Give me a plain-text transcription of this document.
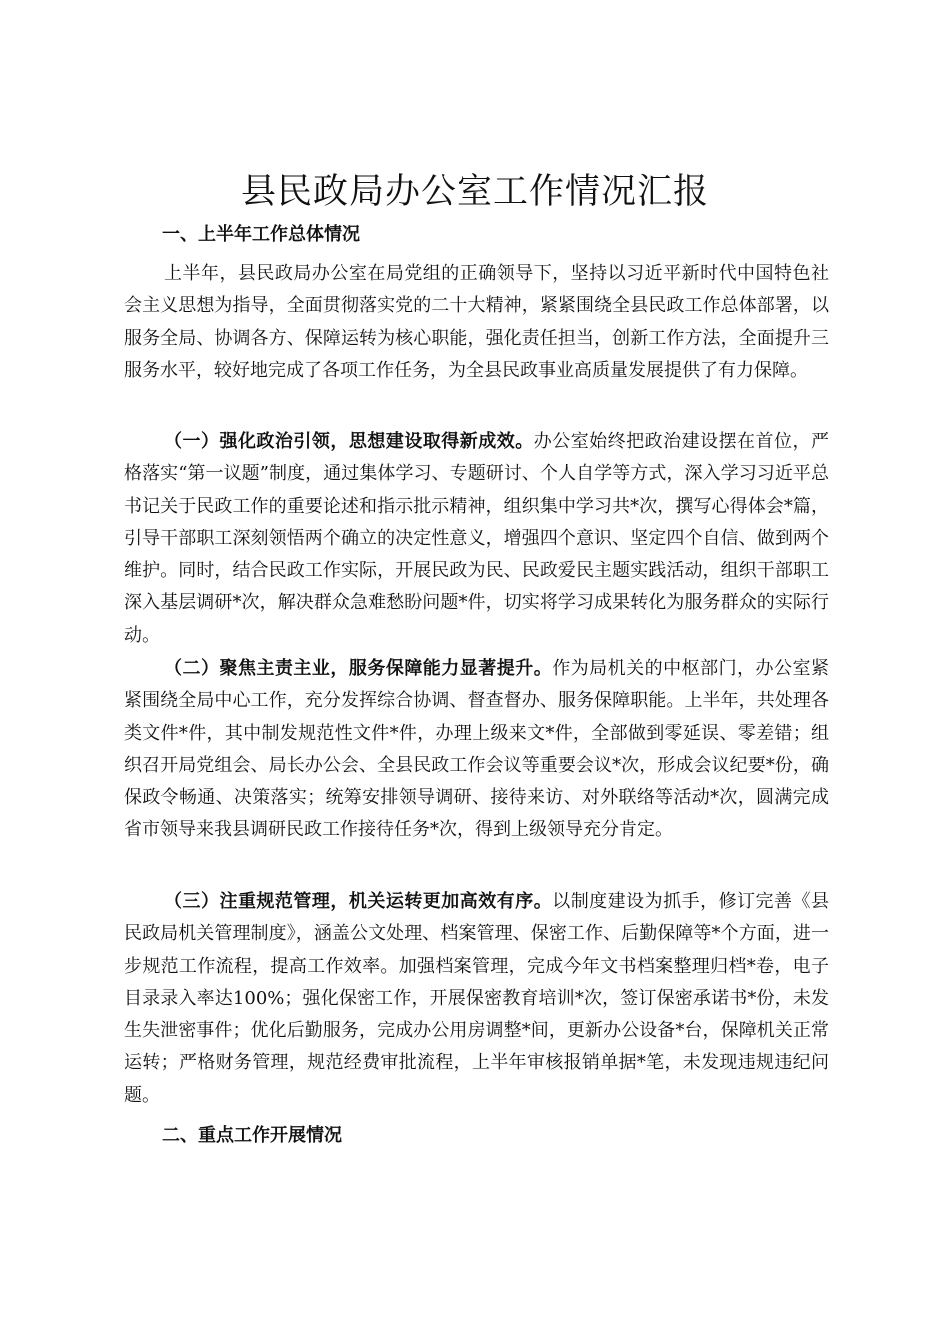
县民政局办公室工作情况汇报
一、上半年工作总体情况

上半年，县民政局办公室在局党组的正确领导下，坚持以习近平新时代中国特色社会主义思想为指导，全面贯彻落实党的二十大精神，紧紧围绕全县民政工作总体部署，以服务全局、协调各方、保障运转为核心职能，强化责任担当，创新工作方法，全面提升三服务水平，较好地完成了各项工作任务，为全县民政事业高质量发展提供了有力保障。

（一）强化政治引领，思想建设取得新成效。办公室始终把政治建设摆在首位，严格落实“第一议题”制度，通过集体学习、专题研讨、个人自学等方式，深入学习习近平总书记关于民政工作的重要论述和指示批示精神，组织集中学习共*次，撰写心得体会*篇，引导干部职工深刻领悟两个确立的决定性意义，增强四个意识、坚定四个自信、做到两个维护。同时，结合民政工作实际，开展民政为民、民政爱民主题实践活动，组织干部职工深入基层调研*次，解决群众急难愁盼问题*件，切实将学习成果转化为服务群众的实际行动。

（二）聚焦主责主业，服务保障能力显著提升。作为局机关的中枢部门，办公室紧紧围绕全局中心工作，充分发挥综合协调、督查督办、服务保障职能。上半年，共处理各类文件*件，其中制发规范性文件*件，办理上级来文*件，全部做到零延误、零差错；组织召开局党组会、局长办公会、全县民政工作会议等重要会议*次，形成会议纪要*份，确保政令畅通、决策落实；统筹安排领导调研、接待来访、对外联络等活动*次，圆满完成省市领导来我县调研民政工作接待任务*次，得到上级领导充分肯定。

（三）注重规范管理，机关运转更加高效有序。以制度建设为抓手，修订完善《县民政局机关管理制度》，涵盖公文处理、档案管理、保密工作、后勤保障等*个方面，进一步规范工作流程，提高工作效率。加强档案管理，完成今年文书档案整理归档*卷，电子目录录入率达100%；强化保密工作，开展保密教育培训*次，签订保密承诺书*份，未发生失泄密事件；优化后勤服务，完成办公用房调整*间，更新办公设备*台，保障机关正常运转；严格财务管理，规范经费审批流程，上半年审核报销单据*笔，未发现违规违纪问题。

二、重点工作开展情况
